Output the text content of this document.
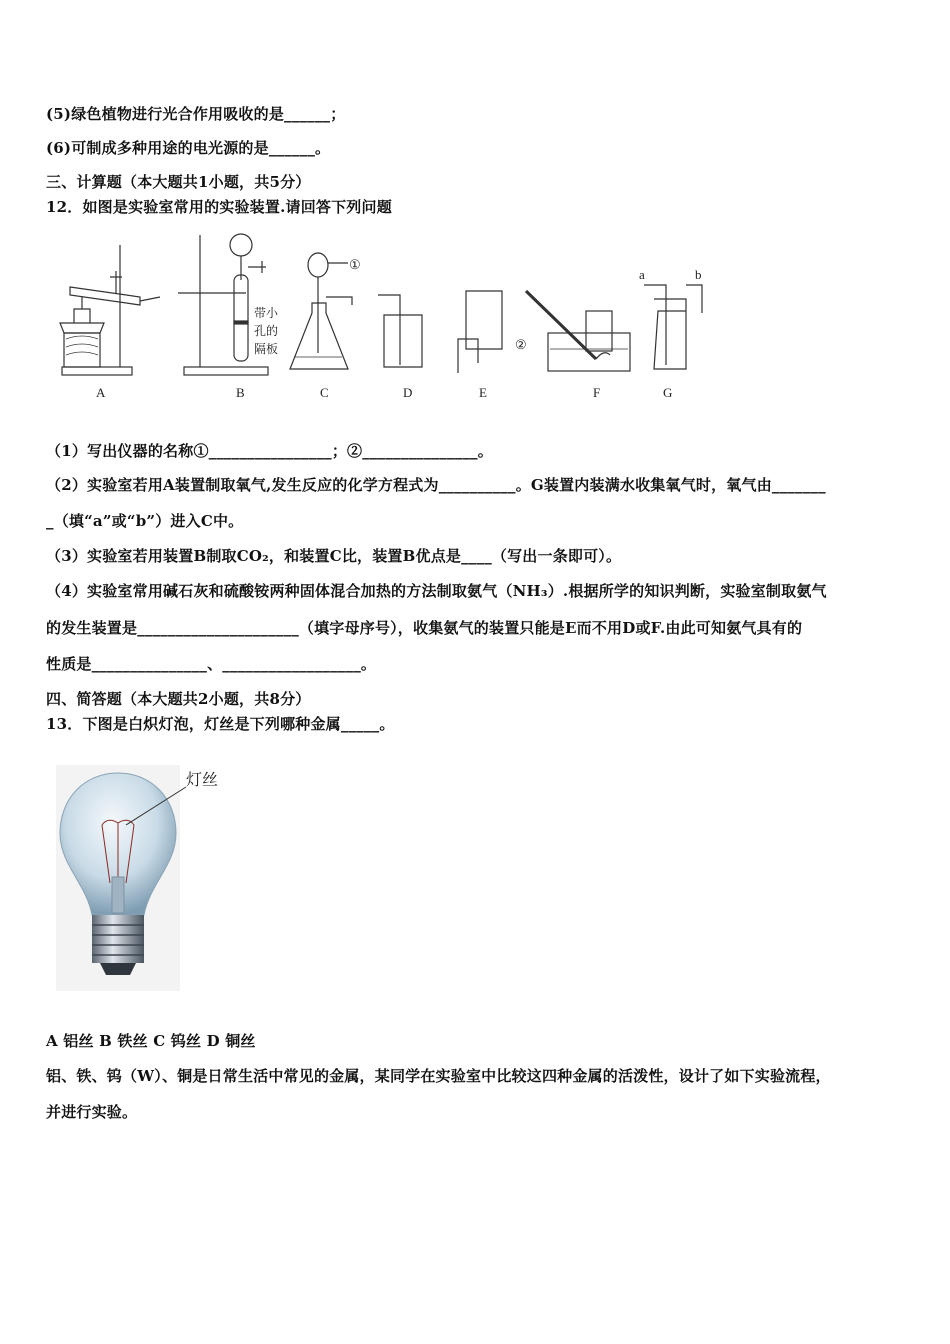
(5)绿色植物进行光合作用吸收的是______；
(6)可制成多种用途的电光源的是______。
三、计算题（本大题共1小题，共5分）
12．如图是实验室常用的实验装置.请回答下列问题
①
②
a	b
带小
孔的
隔板
A	B	C	D	E	F	G
（1）写出仪器的名称①________________；②_______________。
（2）实验室若用A装置制取氧气,发生反应的化学方程式为__________。G装置内装满水收集氧气时，氧气由_______
_（填“a”或“b”）进入C中。
（3）实验室若用装置B制取CO₂，和装置C比，装置B优点是____（写出一条即可）。
（4）实验室常用碱石灰和硫酸铵两种固体混合加热的方法制取氨气（NH₃）.根据所学的知识判断，实验室制取氨气
的发生装置是_____________________（填字母序号），收集氨气的装置只能是E而不用D或F.由此可知氨气具有的
性质是_______________、__________________。
四、简答题（本大题共2小题，共8分）
13．下图是白炽灯泡，灯丝是下列哪种金属_____。
灯丝
A 铝丝 B 铁丝 C 钨丝 D 铜丝
铝、铁、钨（W）、铜是日常生活中常见的金属，某同学在实验室中比较这四种金属的活泼性，设计了如下实验流程，
并进行实验。
